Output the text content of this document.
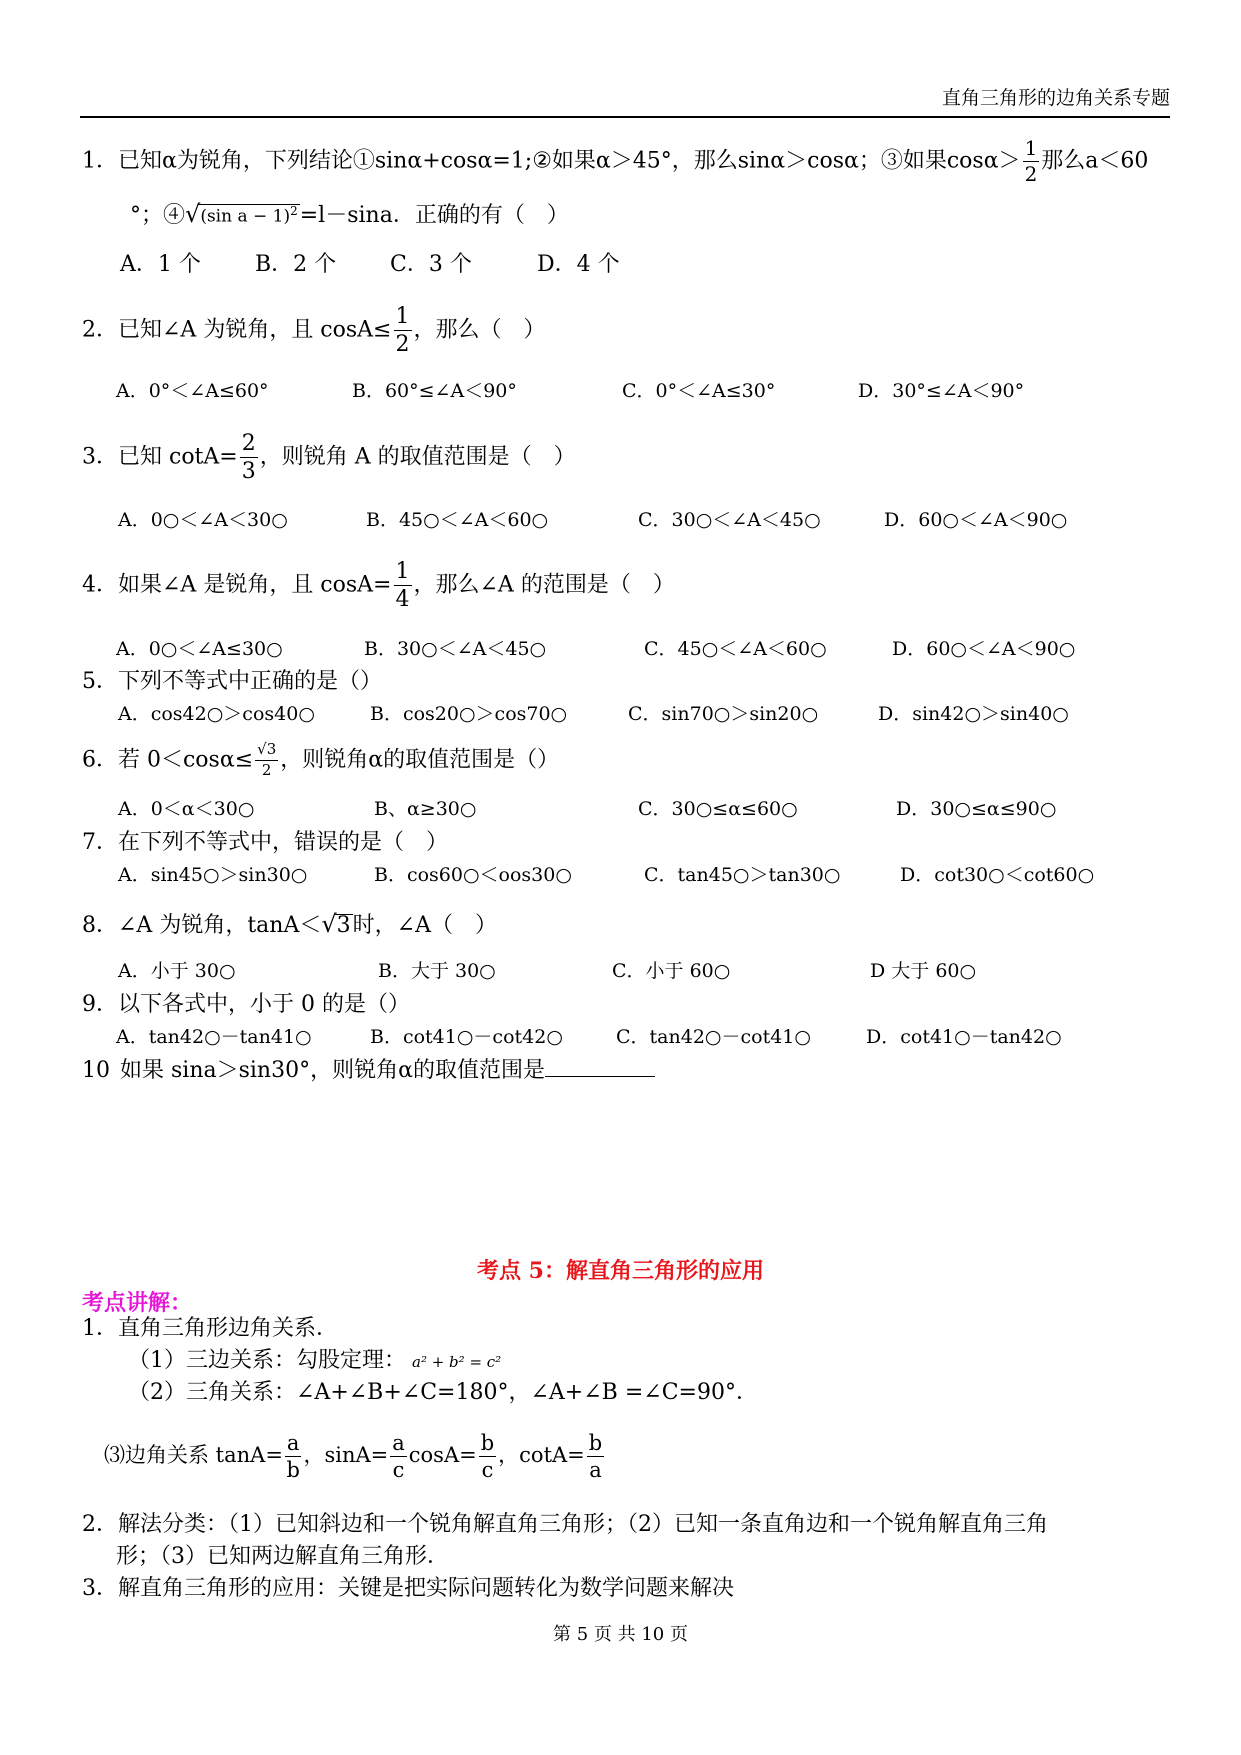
直角三角形的边角关系专题
1．已知α为锐角，下列结论①sinα+cosα=1;②如果α＞45°，那么sinα＞cosα；③如果$\cos\alpha> \frac{1}{2}$ 那么a＜60
°；④√(sin a − 1)$^2$=l－sina．正确的有（　）
A．1 个 B．2 个 C．3 个	D．4 个
2．已知∠A 为锐角，且 $\cos A\le \frac{1}{2}$ ，那么（　）
A．0°＜∠A≤60°	B．60°≤∠A＜90°	C．0°＜∠A≤30°	D．30°≤∠A＜90°
3．已知 $\cot A= \frac{2}{3}$ ，则锐角 A 的取值范围是（　）
A．0○＜∠A＜30○	B．45○＜∠A＜60○	C．30○＜∠A＜45○	D．60○＜∠A＜90○
4．如果∠A 是锐角，且 $\cos A= \frac{1}{4}$ ，那么∠A 的范围是（　）
A．0○＜∠A≤30○	B．30○＜∠A＜45○	C．45○＜∠A＜60○	D．60○＜∠A＜90○
5．下列不等式中正确的是（）
A．cos42○＞cos40○	B．cos20○＞cos70○	C．sin70○＞sin20○	D．sin42○＞sin40○
6．若 $0<\cos\alpha\le \frac{√3}{2}$ ，则锐角α的取值范围是（）
A．0＜α＜30○	B、α≥30○	C．30○≤α≤60○	D．30○≤α≤90○
7．在下列不等式中，错误的是（　）
A．sin45○＞sin30○	B．cos60○＜oos30○	C．tan45○＞tan30○	D．cot30○＜cot60○
8．∠A 为锐角，tanA＜√3时，∠A（　）
A．小于 30○	B．大于 30○	C．小于 60○	D 大于 60○
9．以下各式中，小于 0 的是（）
A．tan42○－tan41○	B．cot41○－cot42○	C．tan42○－cot41○	D．cot41○－tan42○
10 如果 sina＞sin30°，则锐角α的取值范围是
考点 5：解直角三角形的应用
考点讲解：
1．直角三角形边角关系．
（1）三边关系：勾股定理： a² + b² = c²
（2）三角关系：∠A+∠B+∠C=180°，∠A+∠B =∠C=90°．
⑶边角关系 $\tan A= \frac{a}{b}$ ，$\sin A= \frac{a}{c} \cos A= \frac{b}{c}$ ，$\cot A= \frac{b}{a}$
2．解法分类：（1）已知斜边和一个锐角解直角三角形；（2）已知一条直角边和一个锐角解直角三角
形；（3）已知两边解直角三角形．
3．解直角三角形的应用：关键是把实际问题转化为数学问题来解决
第 5 页 共 10 页
